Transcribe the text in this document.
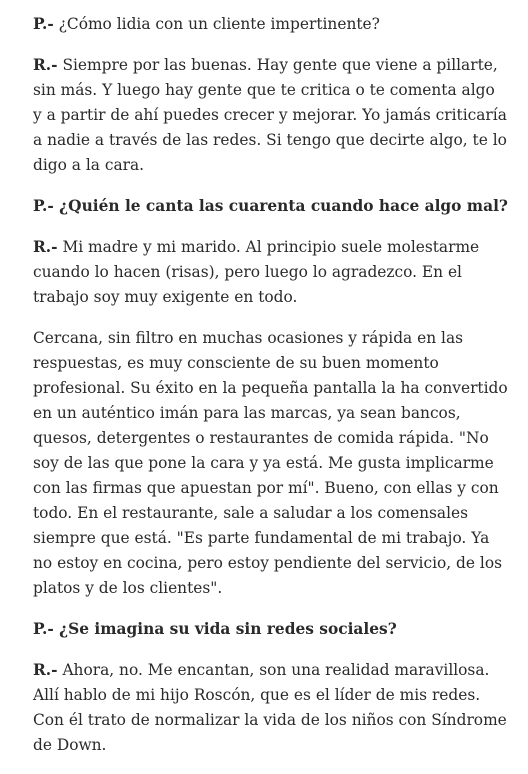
P.- ¿Cómo lidia con un cliente impertinente?

R.- Siempre por las buenas. Hay gente que viene a pillarte, sin más. Y luego hay gente que te critica o te comenta algo y a partir de ahí puedes crecer y mejorar. Yo jamás criticaría a nadie a través de las redes. Si tengo que decirte algo, te lo digo a la cara.

P.- ¿Quién le canta las cuarenta cuando hace algo mal?

R.- Mi madre y mi marido. Al principio suele molestarme cuando lo hacen (risas), pero luego lo agradezco. En el trabajo soy muy exigente en todo.

Cercana, sin filtro en muchas ocasiones y rápida en las respuestas, es muy consciente de su buen momento profesional. Su éxito en la pequeña pantalla la ha convertido en un auténtico imán para las marcas, ya sean bancos, quesos, detergentes o restaurantes de comida rápida. "No soy de las que pone la cara y ya está. Me gusta implicarme con las firmas que apuestan por mí". Bueno, con ellas y con todo. En el restaurante, sale a saludar a los comensales siempre que está. "Es parte fundamental de mi trabajo. Ya no estoy en cocina, pero estoy pendiente del servicio, de los platos y de los clientes".

P.- ¿Se imagina su vida sin redes sociales?

R.- Ahora, no. Me encantan, son una realidad maravillosa. Allí hablo de mi hijo Roscón, que es el líder de mis redes. Con él trato de normalizar la vida de los niños con Síndrome de Down.
